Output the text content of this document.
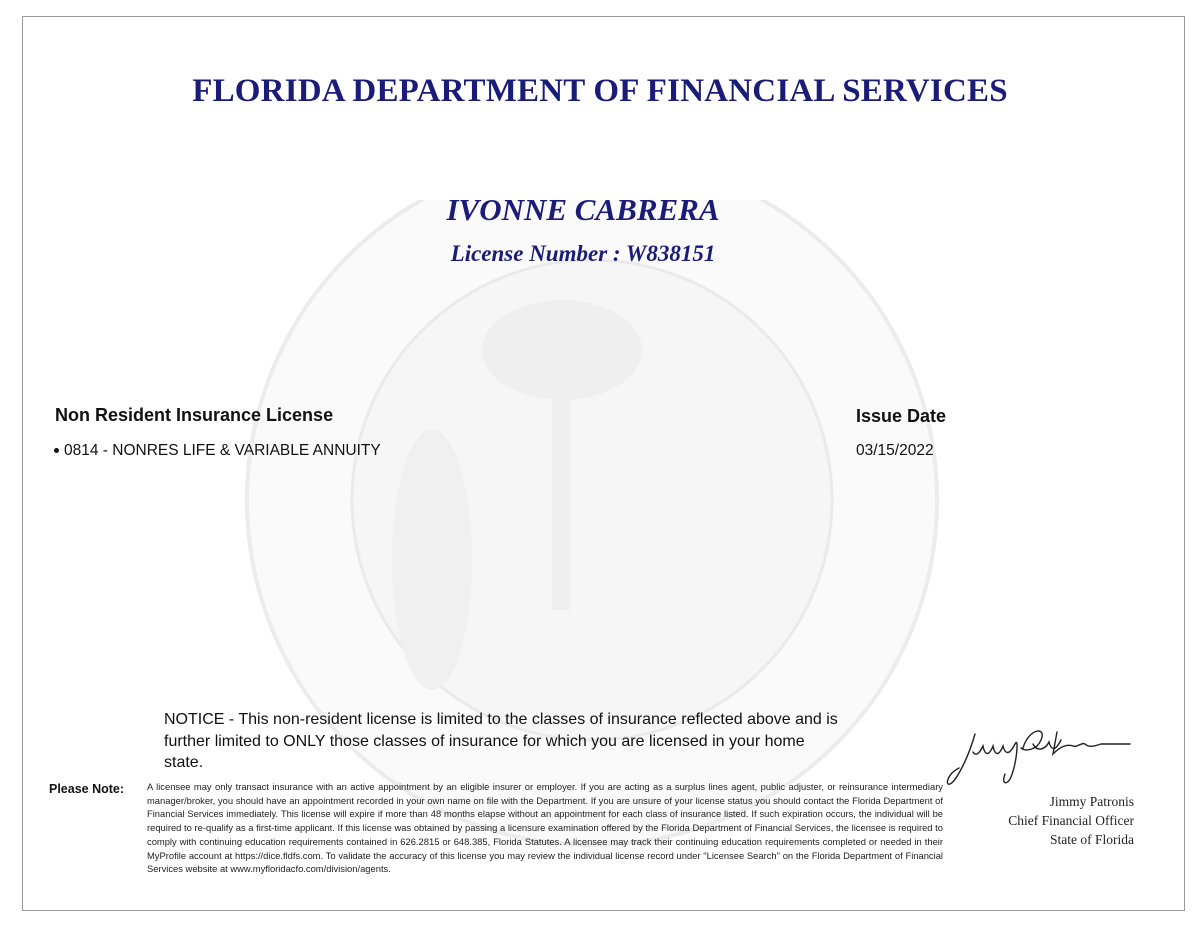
FLORIDA DEPARTMENT OF FINANCIAL SERVICES
IVONNE CABRERA
License Number : W838151
Non Resident Insurance License	Issue Date
0814 - NONRES LIFE & VARIABLE ANNUITY	03/15/2022
NOTICE - This non-resident license is limited to the classes of insurance reflected above and is further limited to ONLY those classes of insurance for which you are licensed in your home state.
Please Note: A licensee may only transact insurance with an active appointment by an eligible insurer or employer. If you are acting as a surplus lines agent, public adjuster, or reinsurance intermediary manager/broker, you should have an appointment recorded in your own name on file with the Department. If you are unsure of your license status you should contact the Florida Department of Financial Services immediately. This license will expire if more than 48 months elapse without an appointment for each class of insurance listed. If such expiration occurs, the individual will be required to re-qualify as a first-time applicant. If this license was obtained by passing a licensure examination offered by the Florida Department of Financial Services, the licensee is required to comply with continuing education requirements contained in 626.2815 or 648.385, Florida Statutes. A licensee may track their continuing education requirements completed or needed in their MyProfile account at https://dice.fldfs.com. To validate the accuracy of this license you may review the individual license record under "Licensee Search" on the Florida Department of Financial Services website at www.myfloridacfo.com/division/agents.
Jimmy Patronis
Chief Financial Officer
State of Florida
